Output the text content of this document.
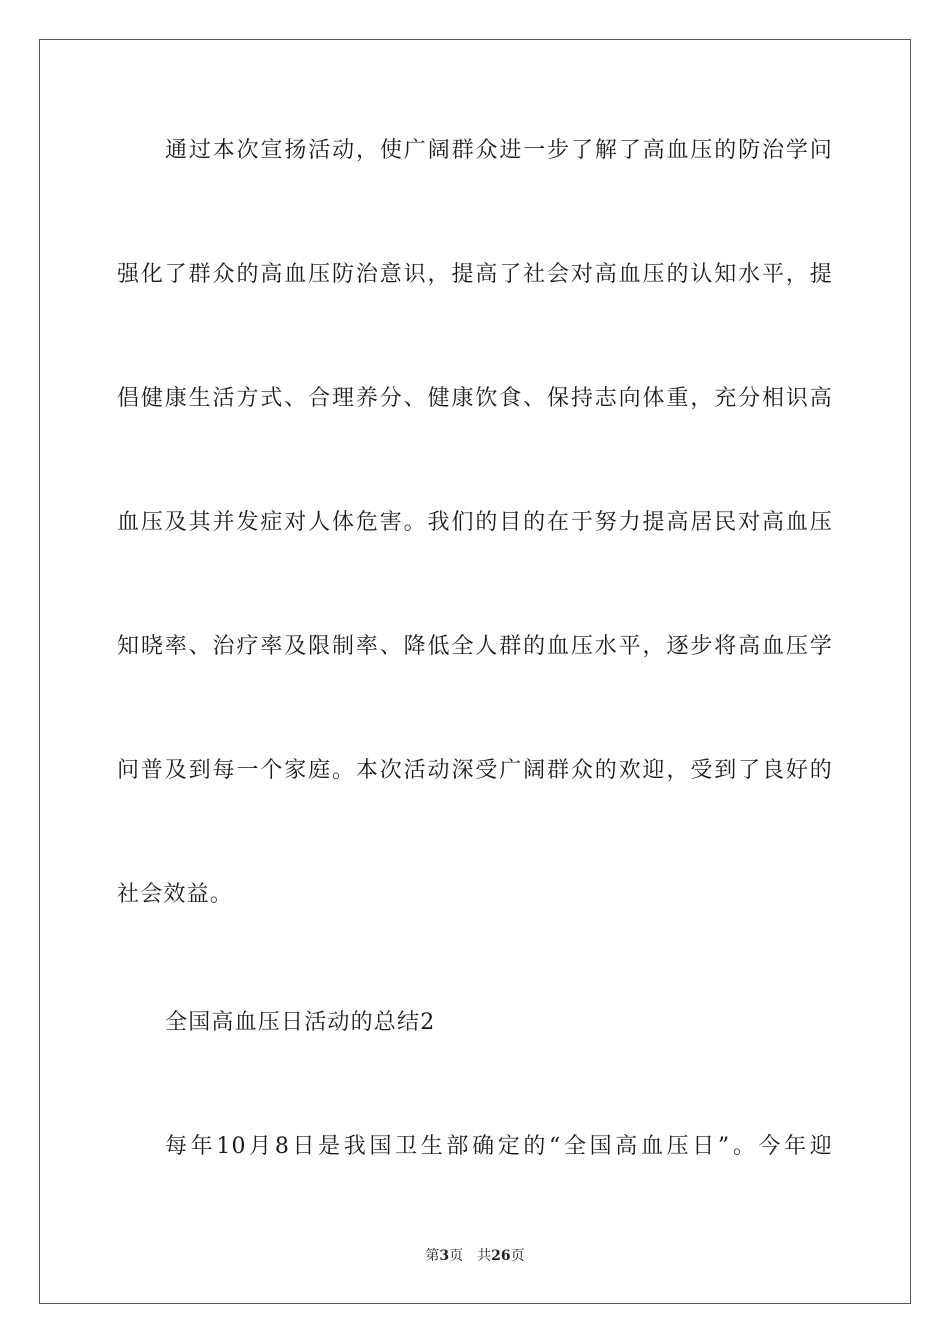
通过本次宣扬活动，使广阔群众进一步了解了高血压的防治学问
强化了群众的高血压防治意识，提高了社会对高血压的认知水平，提
倡健康生活方式、合理养分、健康饮食、保持志向体重，充分相识高
血压及其并发症对人体危害。我们的目的在于努力提高居民对高血压
知晓率、治疗率及限制率、降低全人群的血压水平，逐步将高血压学
问普及到每一个家庭。本次活动深受广阔群众的欢迎，受到了良好的
社会效益。
全国高血压日活动的总结2
每年10月8日是我国卫生部确定的“全国高血压日”。今年迎
第3页 共26页
